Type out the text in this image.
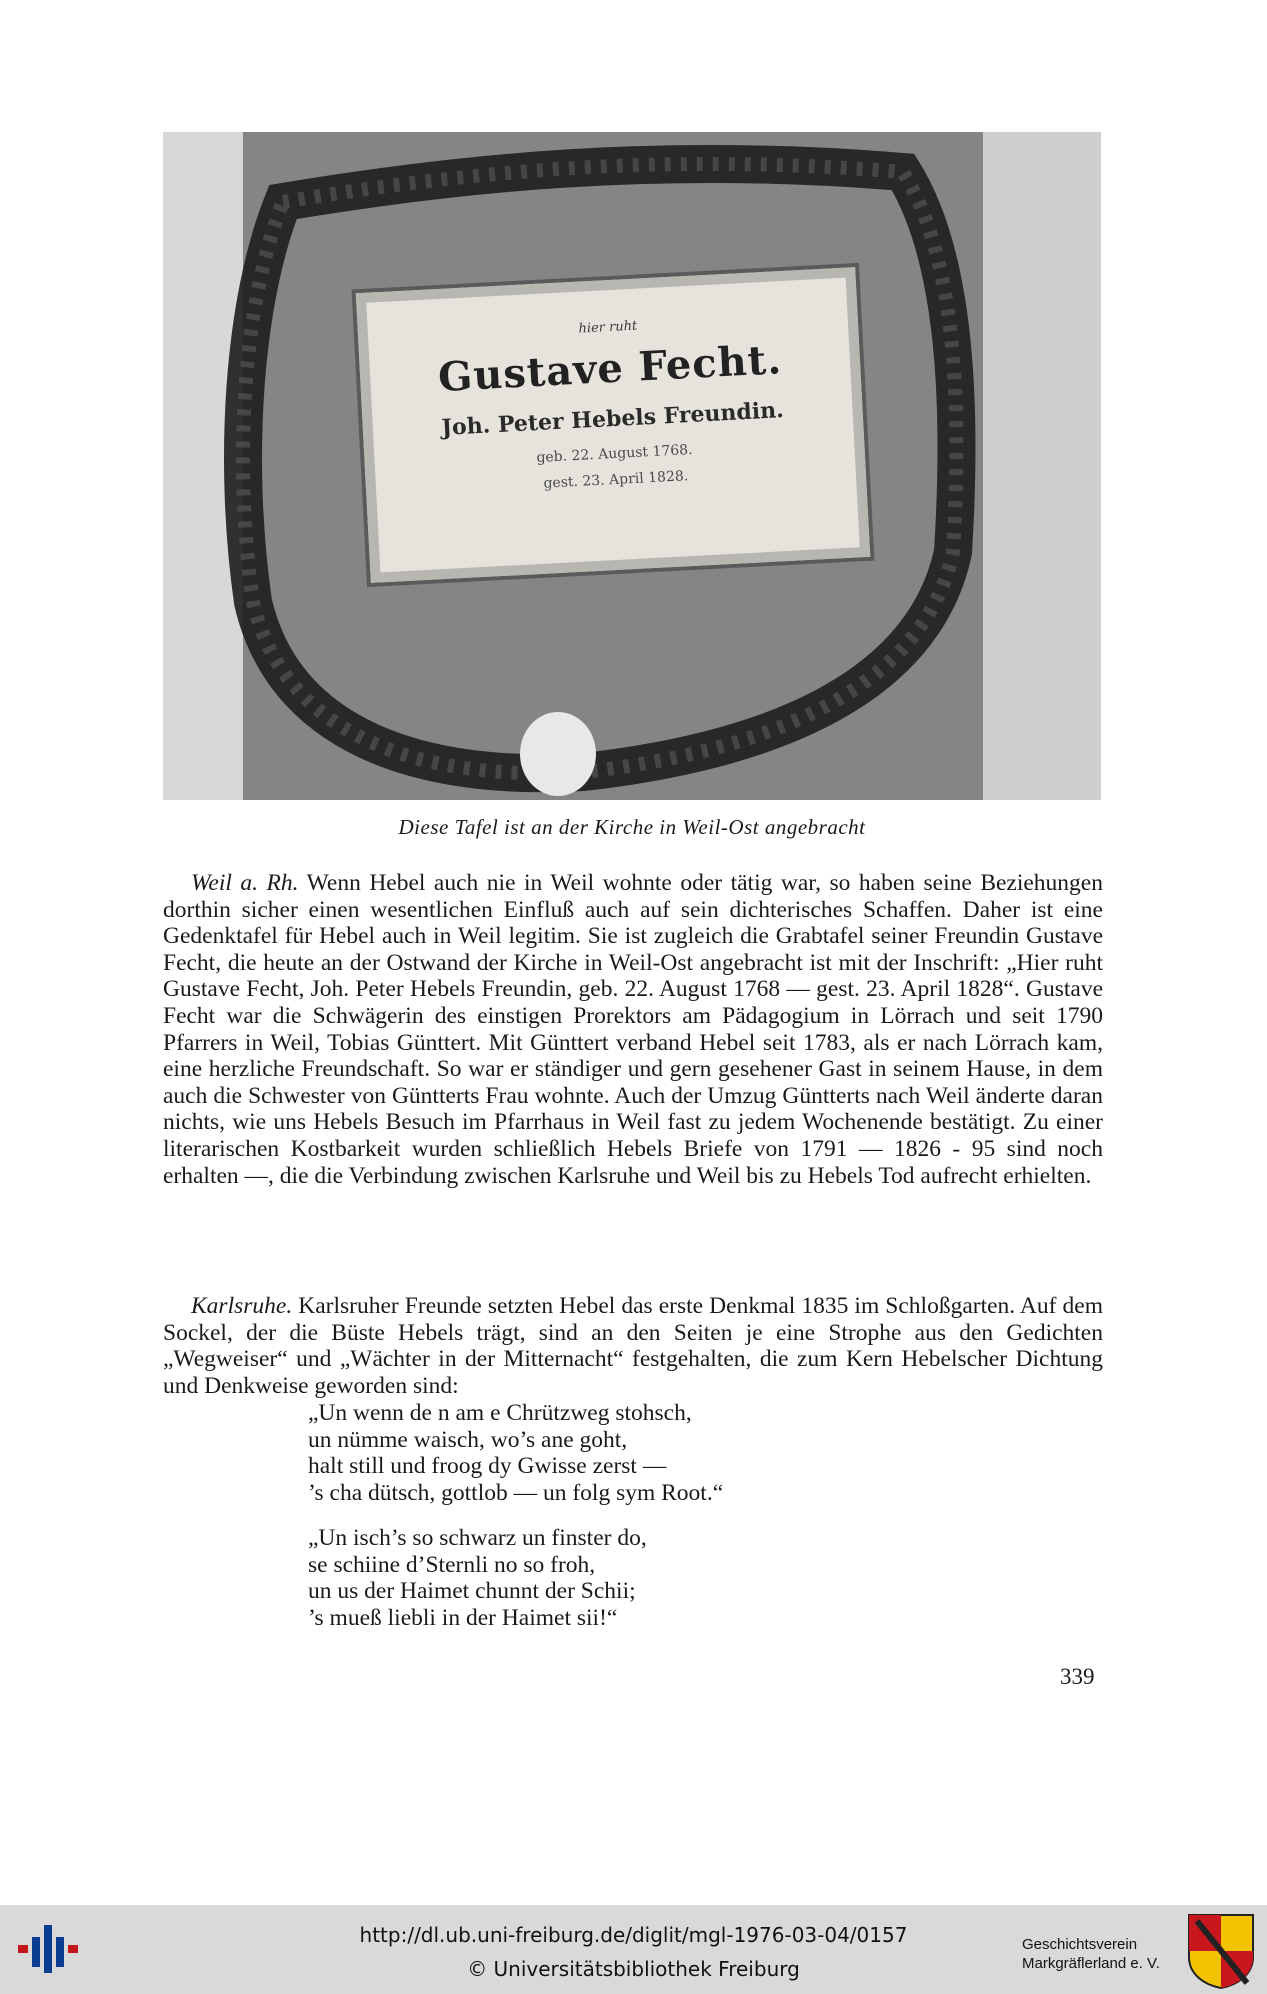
hier ruht
Gustave Fecht.
Joh. Peter Hebels Freundin.
geb. 22. August 1768.
gest. 23. April 1828.
Diese Tafel ist an der Kirche in Weil-Ost angebracht
Weil a. Rh. Wenn Hebel auch nie in Weil wohnte oder tätig war, so haben seine Beziehungen dorthin sicher einen wesentlichen Einfluß auch auf sein dichterisches Schaffen. Daher ist eine Gedenktafel für Hebel auch in Weil legitim. Sie ist zugleich die Grabtafel seiner Freundin Gustave Fecht, die heute an der Ostwand der Kirche in Weil-Ost angebracht ist mit der Inschrift: „Hier ruht Gustave Fecht, Joh. Peter Hebels Freundin, geb. 22. August 1768 — gest. 23. April 1828“. Gustave Fecht war die Schwägerin des einstigen Prorektors am Pädagogium in Lörrach und seit 1790 Pfarrers in Weil, Tobias Günttert. Mit Günttert verband Hebel seit 1783, als er nach Lörrach kam, eine herzliche Freundschaft. So war er ständiger und gern gesehener Gast in seinem Hause, in dem auch die Schwester von Güntterts Frau wohnte. Auch der Umzug Güntterts nach Weil änderte daran nichts, wie uns Hebels Besuch im Pfarrhaus in Weil fast zu jedem Wochenende bestätigt. Zu einer literarischen Kostbarkeit wurden schließlich Hebels Briefe von 1791 — 1826 - 95 sind noch erhalten —, die die Verbindung zwischen Karlsruhe und Weil bis zu Hebels Tod aufrecht erhielten.
Karlsruhe. Karlsruher Freunde setzten Hebel das erste Denkmal 1835 im Schloßgarten. Auf dem Sockel, der die Büste Hebels trägt, sind an den Seiten je eine Strophe aus den Gedichten „Wegweiser“ und „Wächter in der Mitternacht“ festgehalten, die zum Kern Hebelscher Dichtung und Denkweise geworden sind:
„Un wenn de n am e Chrützweg stohsch,
un nümme waisch, wo’s ane goht,
halt still und froog dy Gwisse zerst —
’s cha dütsch, gottlob — un folg sym Root.“
„Un isch’s so schwarz un finster do,
se schiine d’Sternli no so froh,
un us der Haimet chunnt der Schii;
’s mueß liebli in der Haimet sii!“
339
http://dl.ub.uni-freiburg.de/diglit/mgl-1976-03-04/0157
© Universitätsbibliothek Freiburg
Geschichtsverein
Markgräflerland e. V.
